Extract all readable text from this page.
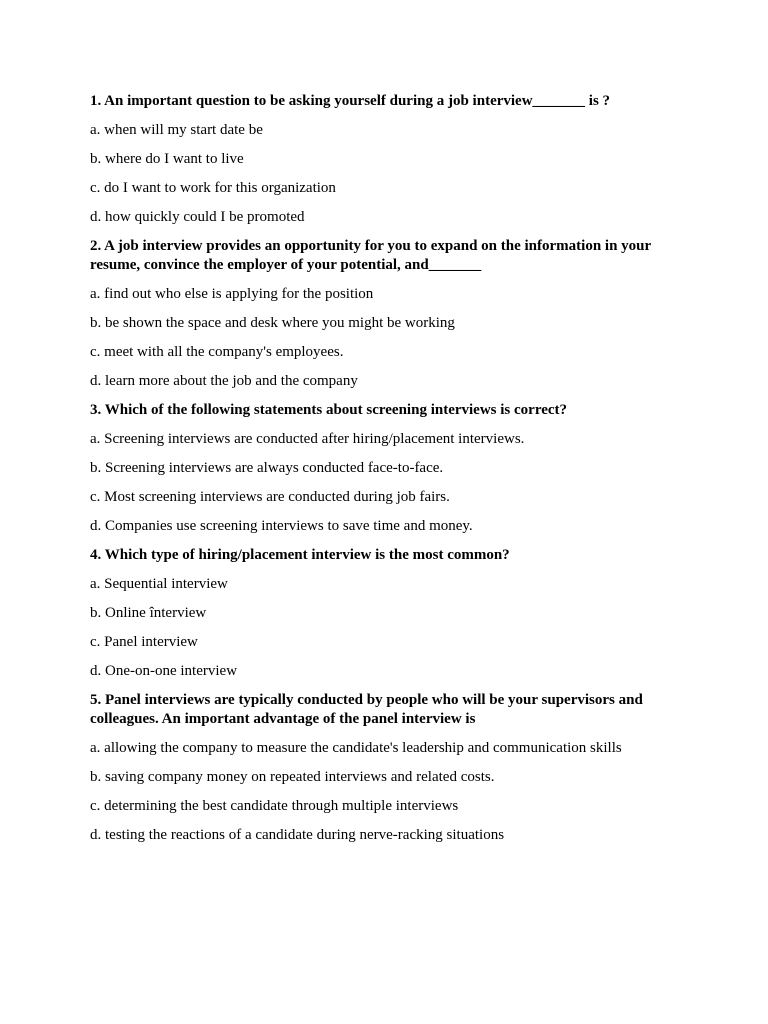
1. An important question to be asking yourself during a job interview_______ is ?

a. when will my start date be

b. where do I want to live

c. do I want to work for this organization

d. how quickly could I be promoted

2. A job interview provides an opportunity for you to expand on the information in your resume, convince the employer of your potential, and_______

a. find out who else is applying for the position

b. be shown the space and desk where you might be working

c. meet with all the company's employees.

d. learn more about the job and the company

3. Which of the following statements about screening interviews is correct?

a. Screening interviews are conducted after hiring/placement interviews.

b. Screening interviews are always conducted face-to-face.

c. Most screening interviews are conducted during job fairs.

d. Companies use screening interviews to save time and money.

4. Which type of hiring/placement interview is the most common?

a. Sequential interview

b. Online înterview

c. Panel interview

d. One-on-one interview

5. Panel interviews are typically conducted by people who will be your supervisors and colleagues. An important advantage of the panel interview is

a. allowing the company to measure the candidate's leadership and communication skills

b. saving company money on repeated interviews and related costs.

c. determining the best candidate through multiple interviews

d. testing the reactions of a candidate during nerve-racking situations
